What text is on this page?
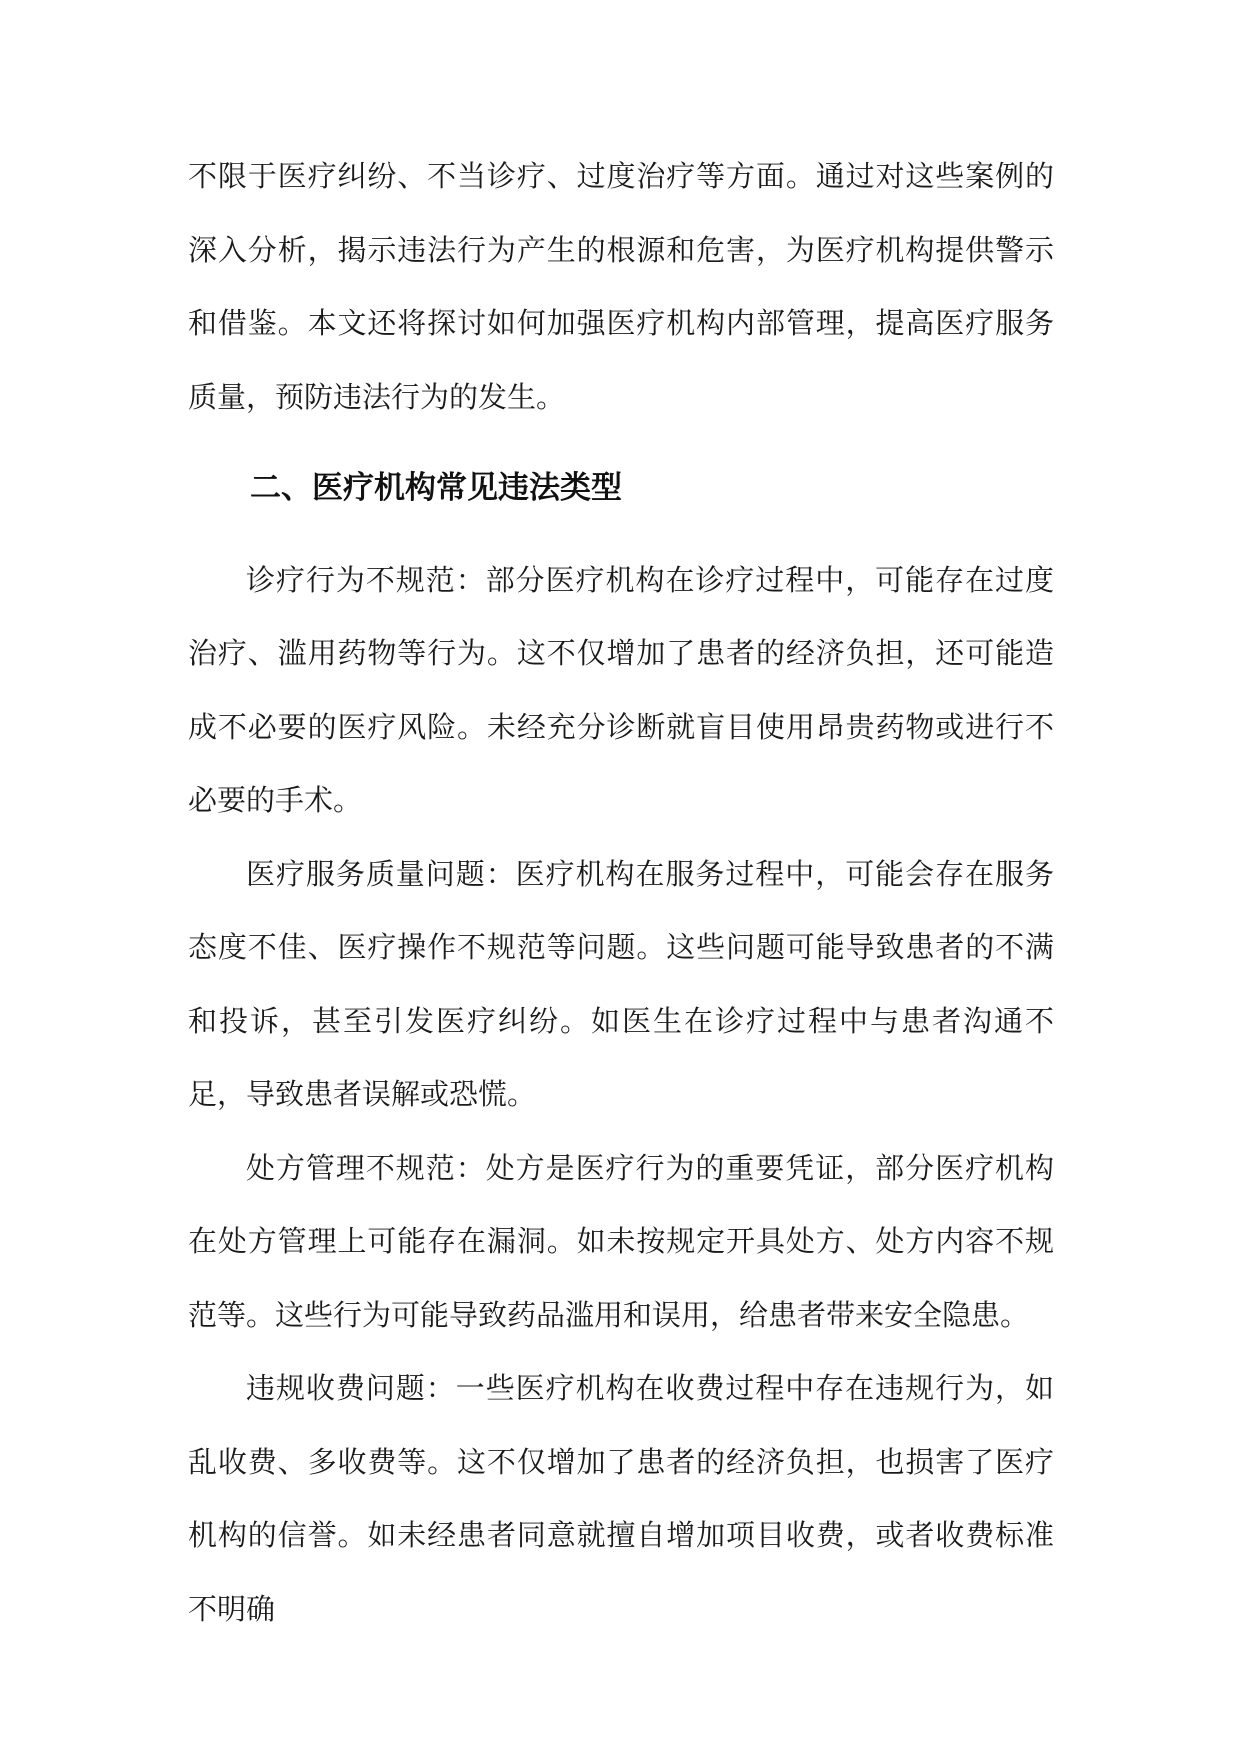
不限于医疗纠纷、不当诊疗、过度治疗等方面。通过对这些案例的深入分析，揭示违法行为产生的根源和危害，为医疗机构提供警示和借鉴。本文还将探讨如何加强医疗机构内部管理，提高医疗服务质量，预防违法行为的发生。

二、医疗机构常见违法类型

诊疗行为不规范：部分医疗机构在诊疗过程中，可能存在过度治疗、滥用药物等行为。这不仅增加了患者的经济负担，还可能造成不必要的医疗风险。未经充分诊断就盲目使用昂贵药物或进行不必要的手术。

医疗服务质量问题：医疗机构在服务过程中，可能会存在服务态度不佳、医疗操作不规范等问题。这些问题可能导致患者的不满和投诉，甚至引发医疗纠纷。如医生在诊疗过程中与患者沟通不足，导致患者误解或恐慌。

处方管理不规范：处方是医疗行为的重要凭证，部分医疗机构在处方管理上可能存在漏洞。如未按规定开具处方、处方内容不规范等。这些行为可能导致药品滥用和误用，给患者带来安全隐患。

违规收费问题：一些医疗机构在收费过程中存在违规行为，如乱收费、多收费等。这不仅增加了患者的经济负担，也损害了医疗机构的信誉。如未经患者同意就擅自增加项目收费，或者收费标准不明确
